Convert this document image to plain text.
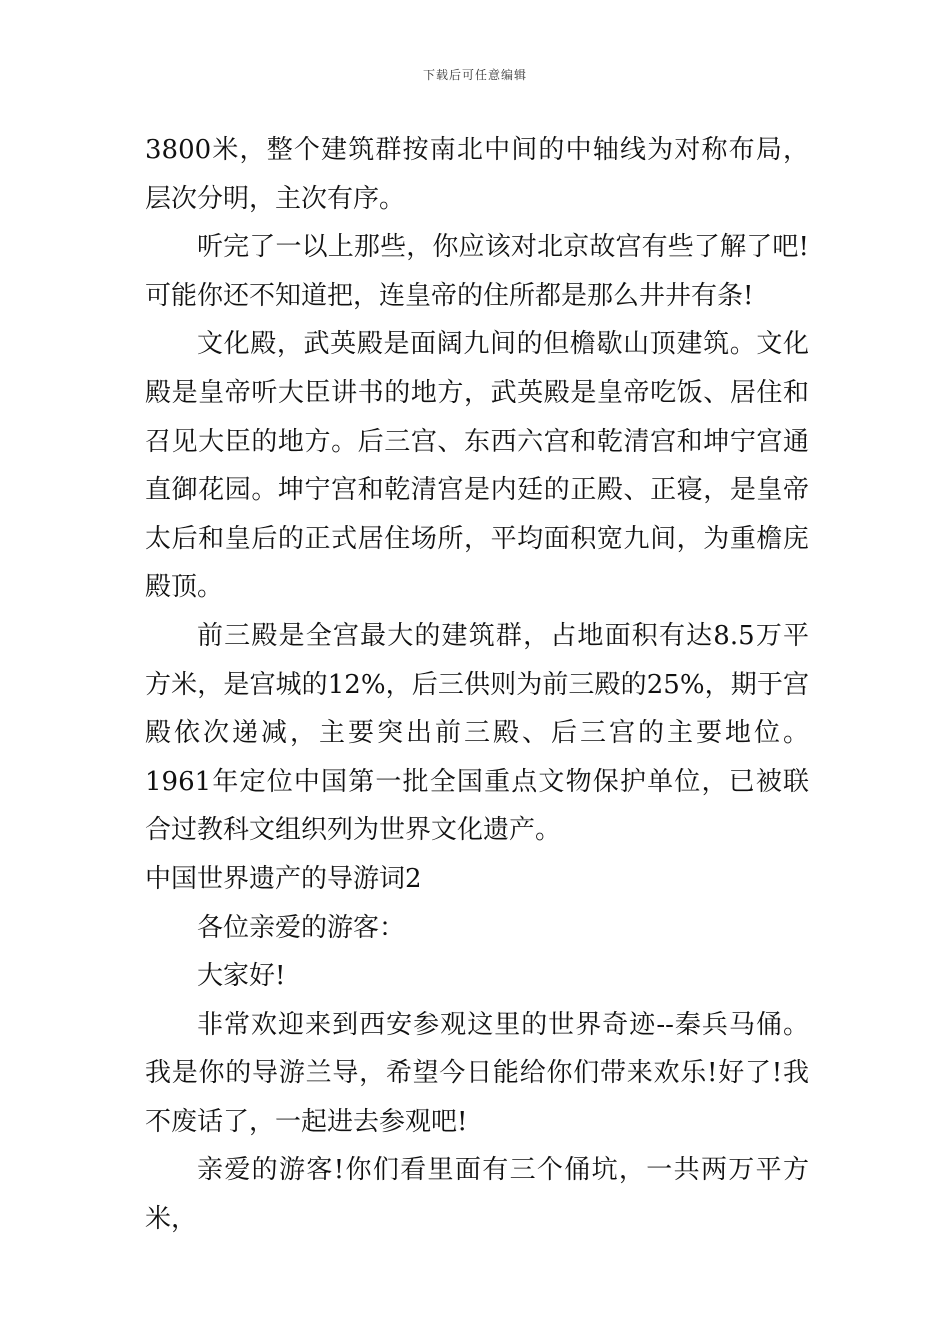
下载后可任意编辑

3800米，整个建筑群按南北中间的中轴线为对称布局，层次分明，主次有序。

听完了一以上那些，你应该对北京故宫有些了解了吧!可能你还不知道把，连皇帝的住所都是那么井井有条!

文化殿，武英殿是面阔九间的但檐歇山顶建筑。文化殿是皇帝听大臣讲书的地方，武英殿是皇帝吃饭、居住和召见大臣的地方。后三宫、东西六宫和乾清宫和坤宁宫通直御花园。坤宁宫和乾清宫是内廷的正殿、正寝，是皇帝太后和皇后的正式居住场所，平均面积宽九间，为重檐庑殿顶。

前三殿是全宫最大的建筑群，占地面积有达8.5万平方米，是宫城的12%，后三供则为前三殿的25%，期于宫殿依次递减，主要突出前三殿、后三宫的主要地位。1961年定位中国第一批全国重点文物保护单位，已被联合过教科文组织列为世界文化遗产。

中国世界遗产的导游词2

各位亲爱的游客：

大家好!

非常欢迎来到西安参观这里的世界奇迹--秦兵马俑。我是你的导游兰导，希望今日能给你们带来欢乐!好了!我不废话了，一起进去参观吧!

亲爱的游客!你们看里面有三个俑坑，一共两万平方米，
